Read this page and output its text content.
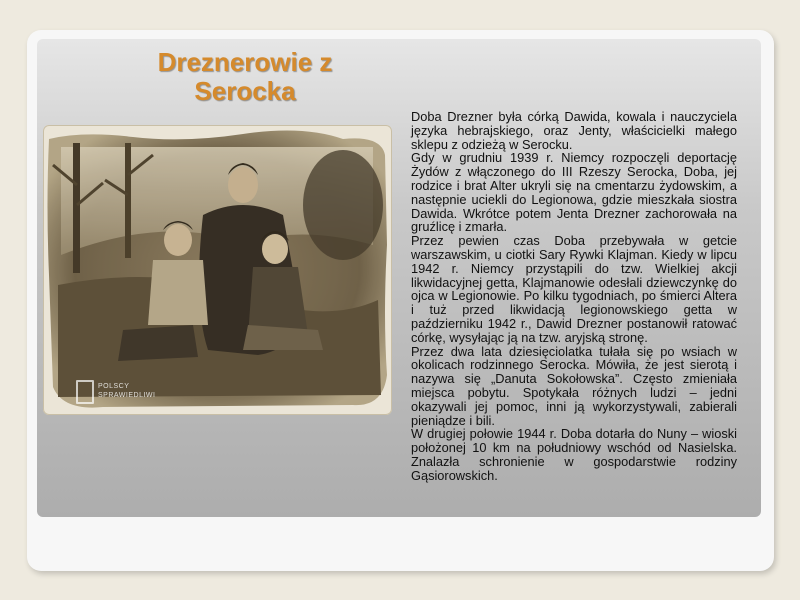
Dreznerowie z
Serocka
POLSCY
SPRAWIEDLIWI

Doba Drezner była córką Dawida, kowala i nauczyciela języka hebrajskiego, oraz Jenty, właścicielki małego sklepu z odzieżą w Serocku.

Gdy w grudniu 1939 r. Niemcy rozpoczęli deportację Żydów z włączonego do III Rzeszy Serocka, Doba, jej rodzice i brat Alter ukryli się na cmentarzu żydowskim, a następnie uciekli do Legionowa, gdzie mieszkała siostra Dawida. Wkrótce potem Jenta Drezner zachorowała na gruźlicę i zmarła.

Przez pewien czas Doba przebywała w getcie warszawskim, u ciotki Sary Rywki Klajman. Kiedy w lipcu 1942 r. Niemcy przystąpili do tzw. Wielkiej akcji likwidacyjnej getta, Klajmanowie odesłali dziewczynkę do ojca w Legionowie. Po kilku tygodniach, po śmierci Altera i tuż przed likwidacją legionowskiego getta w październiku 1942 r., Dawid Drezner postanowił ratować córkę, wysyłając ją na tzw. aryjską stronę.

Przez dwa lata dziesięciolatka tułała się po wsiach w okolicach rodzinnego Serocka. Mówiła, że jest sierotą i nazywa się „Danuta Sokołowska”. Często zmieniała miejsca pobytu. Spotykała różnych ludzi – jedni okazywali jej pomoc, inni ją wykorzystywali, zabierali pieniądze i bili.

W drugiej połowie 1944 r. Doba dotarła do Nuny – wioski położonej 10 km na południowy wschód od Nasielska. Znalazła schronienie w gospodarstwie rodziny Gąsiorowskich.
